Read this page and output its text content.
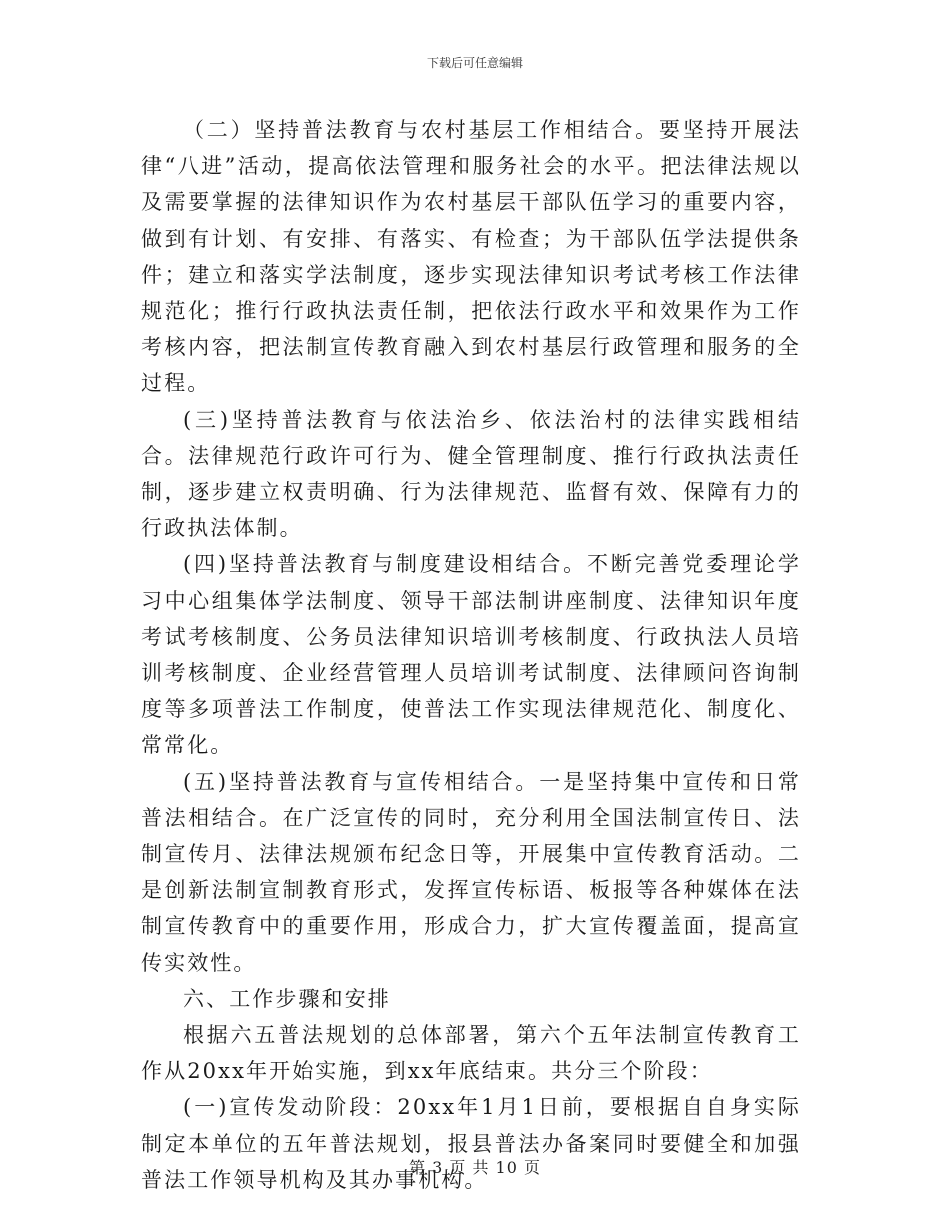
下载后可任意编辑

（二）坚持普法教育与农村基层工作相结合。要坚持开展法律“八进”活动，提高依法管理和服务社会的水平。把法律法规以及需要掌握的法律知识作为农村基层干部队伍学习的重要内容，做到有计划、有安排、有落实、有检查；为干部队伍学法提供条件；建立和落实学法制度，逐步实现法律知识考试考核工作法律规范化；推行行政执法责任制，把依法行政水平和效果作为工作考核内容，把法制宣传教育融入到农村基层行政管理和服务的全过程。

(三)坚持普法教育与依法治乡、依法治村的法律实践相结合。法律规范行政许可行为、健全管理制度、推行行政执法责任制，逐步建立权责明确、行为法律规范、监督有效、保障有力的行政执法体制。

(四)坚持普法教育与制度建设相结合。不断完善党委理论学习中心组集体学法制度、领导干部法制讲座制度、法律知识年度考试考核制度、公务员法律知识培训考核制度、行政执法人员培训考核制度、企业经营管理人员培训考试制度、法律顾问咨询制度等多项普法工作制度，使普法工作实现法律规范化、制度化、常常化。

(五)坚持普法教育与宣传相结合。一是坚持集中宣传和日常普法相结合。在广泛宣传的同时，充分利用全国法制宣传日、法制宣传月、法律法规颁布纪念日等，开展集中宣传教育活动。二是创新法制宣制教育形式，发挥宣传标语、板报等各种媒体在法制宣传教育中的重要作用，形成合力，扩大宣传覆盖面，提高宣传实效性。

六、工作步骤和安排

根据六五普法规划的总体部署，第六个五年法制宣传教育工作从20xx年开始实施，到xx年底结束。共分三个阶段：

(一)宣传发动阶段：20xx年1月1日前，要根据自自身实际制定本单位的五年普法规划，报县普法办备案同时要健全和加强普法工作领导机构及其办事机构。

第 3 页 共 10 页
